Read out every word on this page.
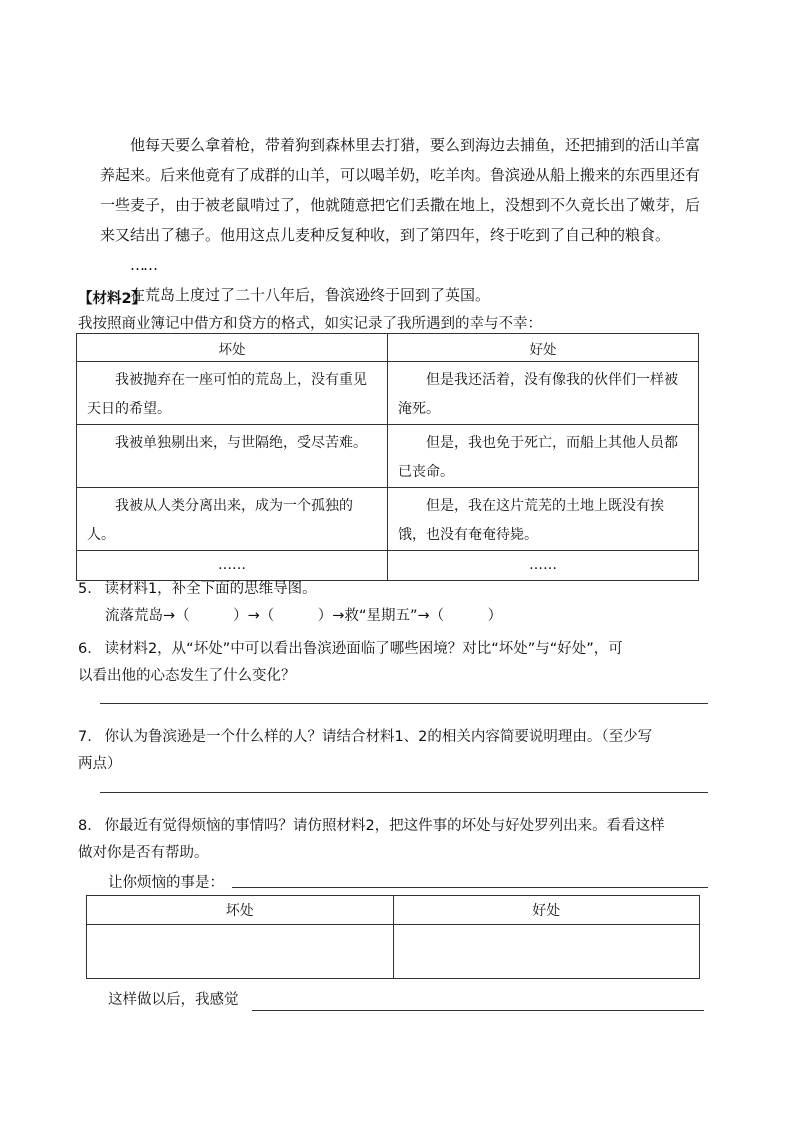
　　他每天要么拿着枪，带着狗到森林里去打猎，要么到海边去捕鱼，还把捕到的活山羊富
养起来。后来他竟有了成群的山羊，可以喝羊奶，吃羊肉。鲁滨逊从船上搬来的东西里还有
一些麦子，由于被老鼠啃过了，他就随意把它们丢撒在地上，没想到不久竟长出了嫩芽，后
来又结出了穗子。他用这点儿麦种反复种收，到了第四年，终于吃到了自己种的粮食。
……
在荒岛上度过了二十八年后，鲁滨逊终于回到了英国。
【材料2】
我按照商业簿记中借方和贷方的格式，如实记录了我所遇到的幸与不幸：
坏处	好处
　　我被抛弃在一座可怕的荒岛上，没有重见天日的希望。	　　但是我还活着，没有像我的伙伴们一样被淹死。
　　我被单独剔出来，与世隔绝，受尽苦难。	　　但是，我也免于死亡，而船上其他人员都已丧命。
　　我被从人类分离出来，成为一个孤独的人。	　　但是，我在这片荒芜的土地上既没有挨饿，也没有奄奄待毙。
……	……
5. 读材料1，补全下面的思维导图。
流落荒岛→（　　　）→（　　　）→救“星期五”→（　　　）
6. 读材料2，从“坏处”中可以看出鲁滨逊面临了哪些困境？对比“坏处”与“好处”，可
以看出他的心态发生了什么变化？
7. 你认为鲁滨逊是一个什么样的人？请结合材料1、2的相关内容简要说明理由。（至少写
两点）
8. 你最近有觉得烦恼的事情吗？请仿照材料2，把这件事的坏处与好处罗列出来。看看这样
做对你是否有帮助。
让你烦恼的事是：
坏处	好处

这样做以后，我感觉
